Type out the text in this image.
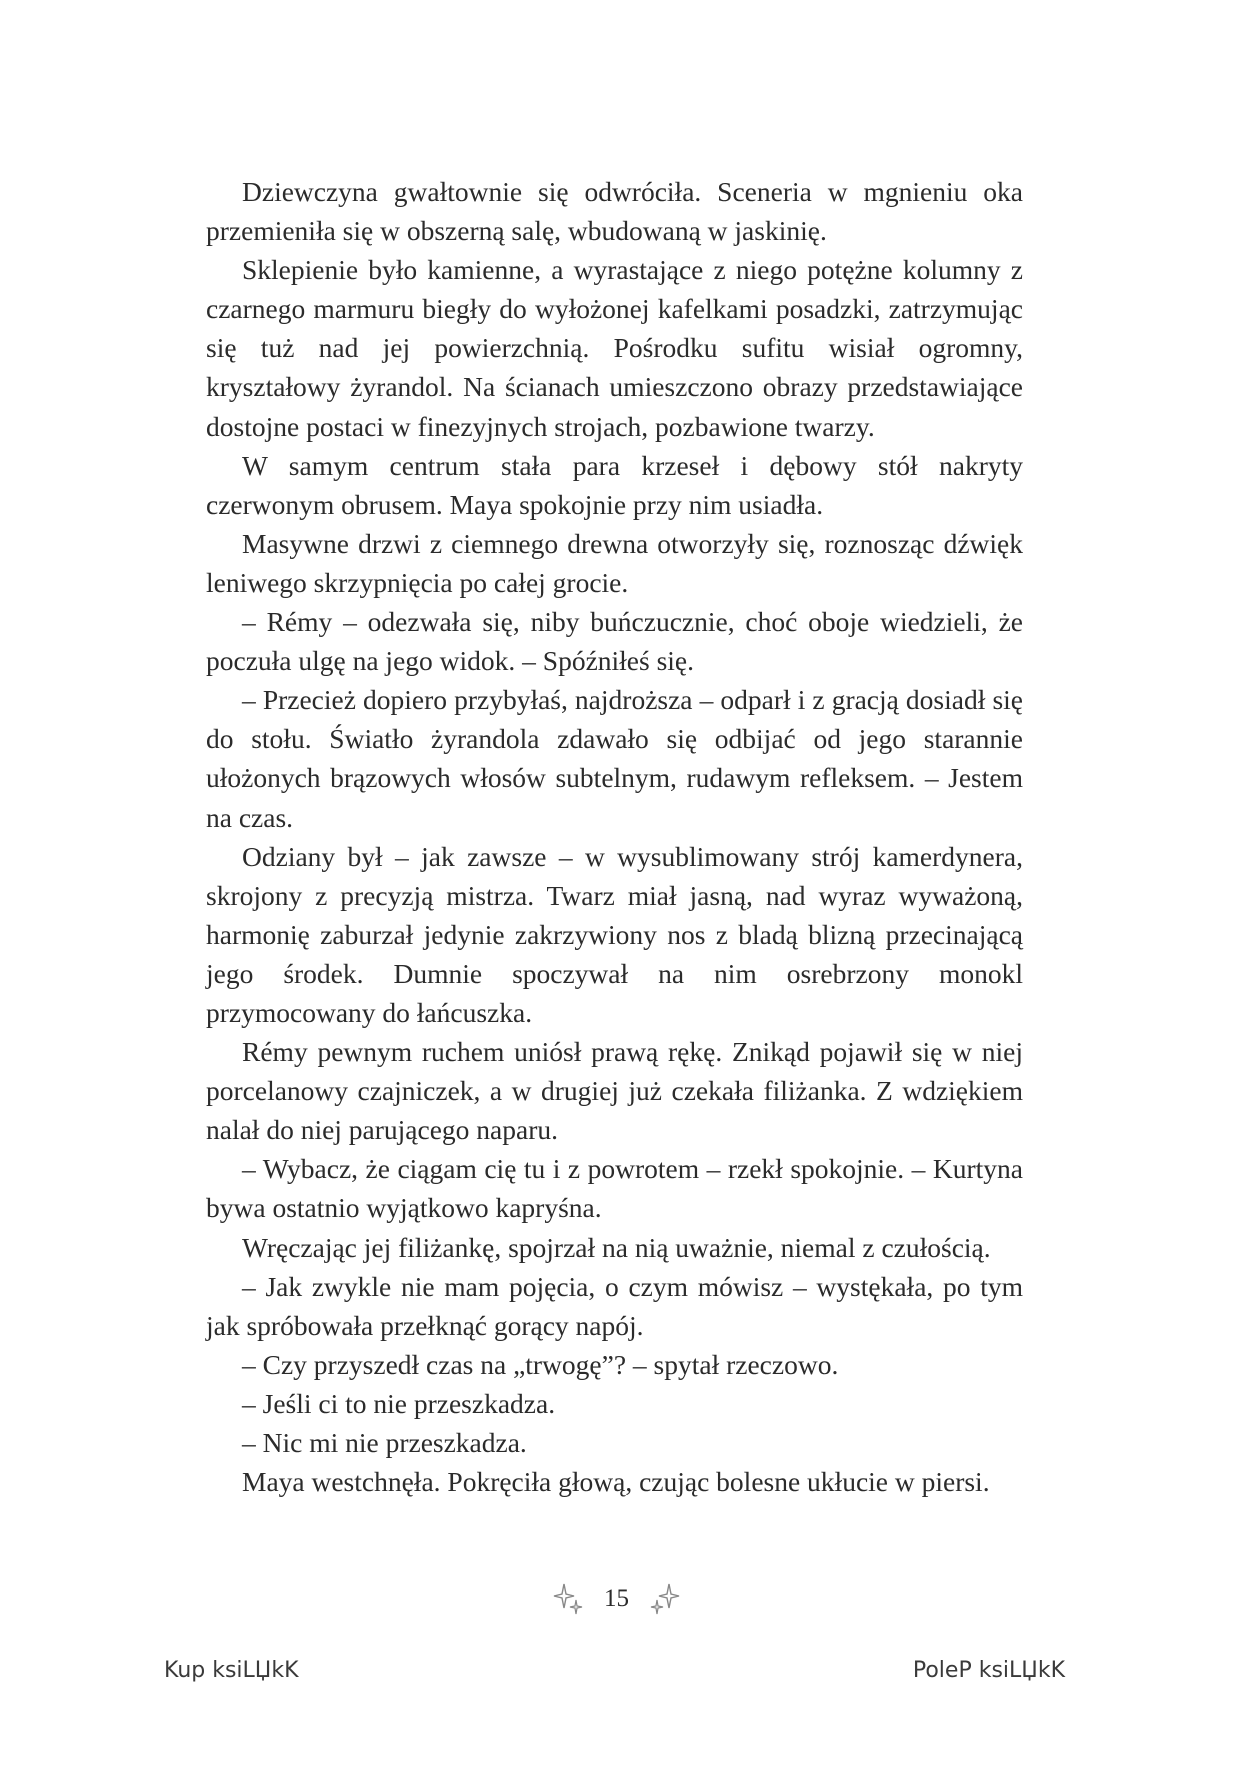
Dziewczyna gwałtownie się odwróciła. Sceneria w mgnieniu oka przemieniła się w obszerną salę, wbudowaną w jaskinię.

Sklepienie było kamienne, a wyrastające z niego potężne kolumny z czarnego marmuru biegły do wyłożonej kafelkami posadzki, zatrzymując się tuż nad jej powierzchnią. Pośrodku sufitu wisiał ogromny, kryształowy żyrandol. Na ścianach umieszczono obrazy przedstawiające dostojne postaci w finezyjnych strojach, pozbawione twarzy.

W samym centrum stała para krzeseł i dębowy stół nakryty czerwonym obrusem. Maya spokojnie przy nim usiadła.

Masywne drzwi z ciemnego drewna otworzyły się, roznosząc dźwięk leniwego skrzypnięcia po całej grocie.

– Rémy – odezwała się, niby buńczucznie, choć oboje wiedzieli, że poczuła ulgę na jego widok. – Spóźniłeś się.

– Przecież dopiero przybyłaś, najdroższa – odparł i z gracją dosiadł się do stołu. Światło żyrandola zdawało się odbijać od jego starannie ułożonych brązowych włosów subtelnym, rudawym refleksem. – Jestem na czas.

Odziany był – jak zawsze – w wysublimowany strój kamerdynera, skrojony z precyzją mistrza. Twarz miał jasną, nad wyraz wyważoną, harmonię zaburzał jedynie zakrzywiony nos z bladą blizną przecinającą jego środek. Dumnie spoczywał na nim osrebrzony monokl przymocowany do łańcuszka.

Rémy pewnym ruchem uniósł prawą rękę. Znikąd pojawił się w niej porcelanowy czajniczek, a w drugiej już czekała filiżanka. Z wdziękiem nalał do niej parującego naparu.

– Wybacz, że ciągam cię tu i z powrotem – rzekł spokojnie. – Kurtyna bywa ostatnio wyjątkowo kapryśna.

Wręczając jej filiżankę, spojrzał na nią uważnie, niemal z czułością.

– Jak zwykle nie mam pojęcia, o czym mówisz – wystękała, po tym jak spróbowała przełknąć gorący napój.

– Czy przyszedł czas na „trwogę”? – spytał rzeczowo.

– Jeśli ci to nie przeszkadza.

– Nic mi nie przeszkadza.

Maya westchnęła. Pokręciła głową, czując bolesne ukłucie w piersi.

15
Kup ksiLЏkK	PoleP ksiLЏkK
